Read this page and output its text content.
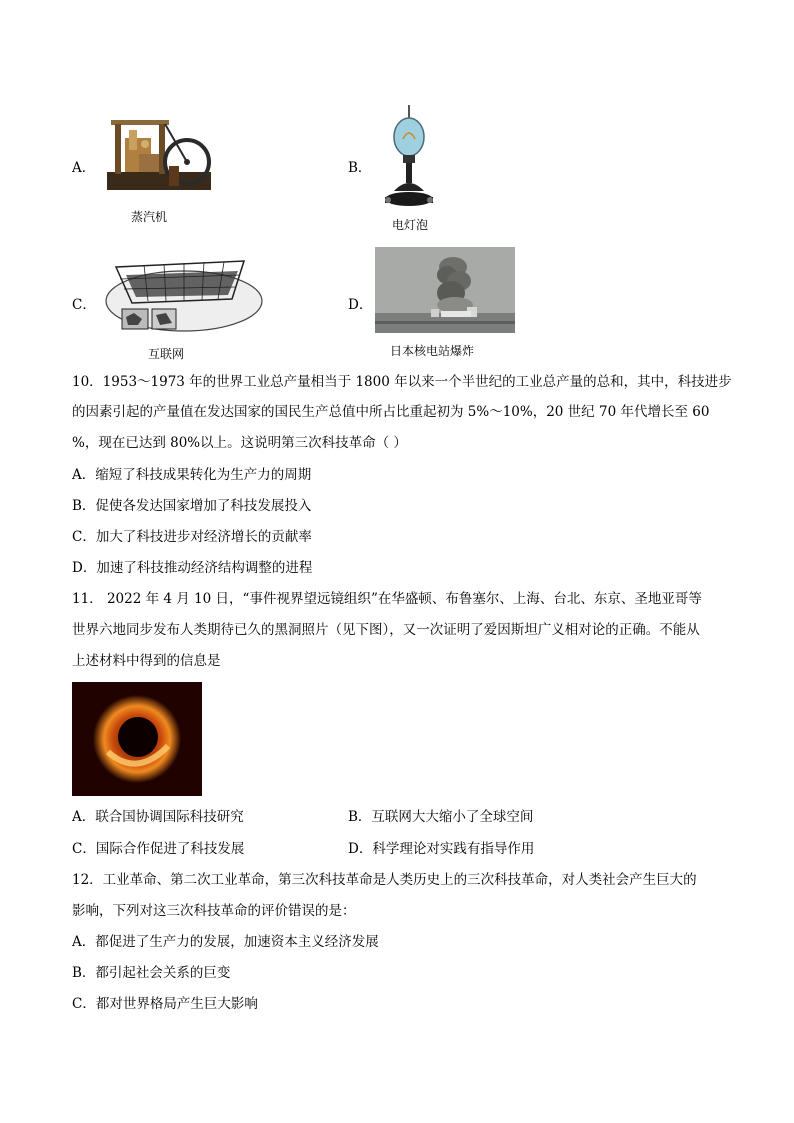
A．
蒸汽机
B．
电灯泡
C．
互联网
D．
日本核电站爆炸
10．1953～1973 年的世界工业总产量相当于 1800 年以来一个半世纪的工业总产量的总和，其中，科技进步
的因素引起的产量值在发达国家的国民生产总值中所占比重起初为 5%～10%，20 世纪 70 年代增长至 60
%，现在已达到 80%以上。这说明第三次科技革命（ ）
A．缩短了科技成果转化为生产力的周期
B．促使各发达国家增加了科技发展投入
C．加大了科技进步对经济增长的贡献率
D．加速了科技推动经济结构调整的进程
11． 2022 年 4 月 10 日，“事件视界望远镜组织”在华盛顿、布鲁塞尔、上海、台北、东京、圣地亚哥等
世界六地同步发布人类期待已久的黑洞照片（见下图），又一次证明了爱因斯坦广义相对论的正确。不能从
上述材料中得到的信息是
A．联合国协调国际科技研究	B．互联网大大缩小了全球空间
C．国际合作促进了科技发展	D．科学理论对实践有指导作用
12．工业革命、第二次工业革命，第三次科技革命是人类历史上的三次科技革命，对人类社会产生巨大的
影响，下列对这三次科技革命的评价错误的是：
A．都促进了生产力的发展，加速资本主义经济发展
B．都引起社会关系的巨变
C．都对世界格局产生巨大影响
